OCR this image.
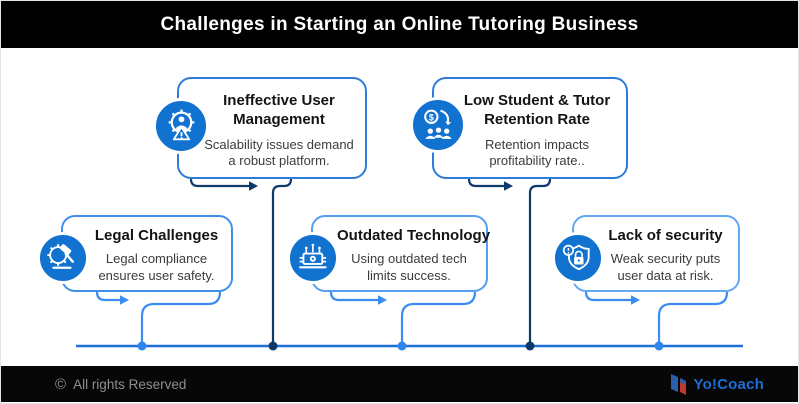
Challenges in Starting an Online Tutoring Business
Ineffective User Management
Scalability issues demand a robust platform.
Low Student & Tutor Retention Rate
Retention impacts profitability rate..
Legal Challenges
Legal compliance ensures user safety.
Outdated Technology
Using outdated tech limits success.
Lack of security
Weak security puts user data at risk.
$
© All rights Reserved	Yo!Coach
